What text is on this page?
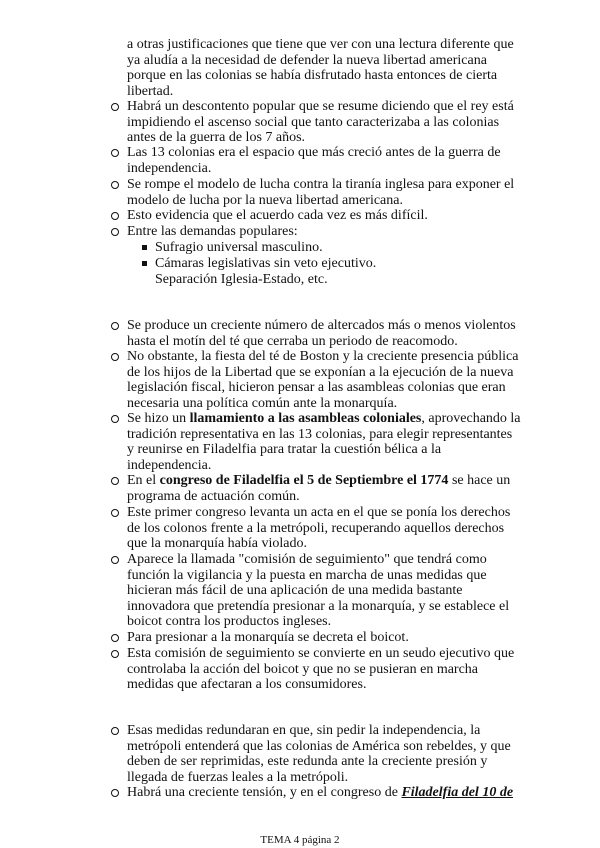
a otras justificaciones que tiene que ver con una lectura diferente que ya aludía a la necesidad de defender la nueva libertad americana porque en las colonias se había disfrutado hasta entonces de cierta libertad.

Habrá un descontento popular que se resume diciendo que el rey está impidiendo el ascenso social que tanto caracterizaba a las colonias antes de la guerra de los 7 años.

Las 13 colonias era el espacio que más creció antes de la guerra de independencia.

Se rompe el modelo de lucha contra la tiranía inglesa para exponer el modelo de lucha por la nueva libertad americana.

Esto evidencia que el acuerdo cada vez es más difícil.

Entre las demandas populares:

Sufragio universal masculino.

Cámaras legislativas sin veto ejecutivo.

Separación Iglesia-Estado, etc.

Se produce un creciente número de altercados más o menos violentos hasta el motín del té que cerraba un periodo de reacomodo.

No obstante, la fiesta del té de Boston y la creciente presencia pública de los hijos de la Libertad que se exponían a la ejecución de la nueva legislación fiscal, hicieron pensar a las asambleas colonias que eran necesaria una política común ante la monarquía.

Se hizo un llamamiento a las asambleas coloniales, aprovechando la tradición representativa en las 13 colonias, para elegir representantes y reunirse en Filadelfia para tratar la cuestión bélica a la independencia.

En el congreso de Filadelfia el 5 de Septiembre el 1774 se hace un programa de actuación común.

Este primer congreso levanta un acta en el que se ponía los derechos de los colonos frente a la metrópoli, recuperando aquellos derechos que la monarquía había violado.

Aparece la llamada "comisión de seguimiento" que tendrá como función la vigilancia y la puesta en marcha de unas medidas que hicieran más fácil de una aplicación de una medida bastante innovadora que pretendía presionar a la monarquía, y se establece el boicot contra los productos ingleses.

Para presionar a la monarquía se decreta el boicot.

Esta comisión de seguimiento se convierte en un seudo ejecutivo que controlaba la acción del boicot y que no se pusieran en marcha medidas que afectaran a los consumidores.

Esas medidas redundaran en que, sin pedir la independencia, la metrópoli entenderá que las colonias de América son rebeldes, y que deben de ser reprimidas, este redunda ante la creciente presión y llegada de fuerzas leales a la metrópoli.

Habrá una creciente tensión, y en el congreso de Filadelfia del 10 de

TEMA 4 página 2
